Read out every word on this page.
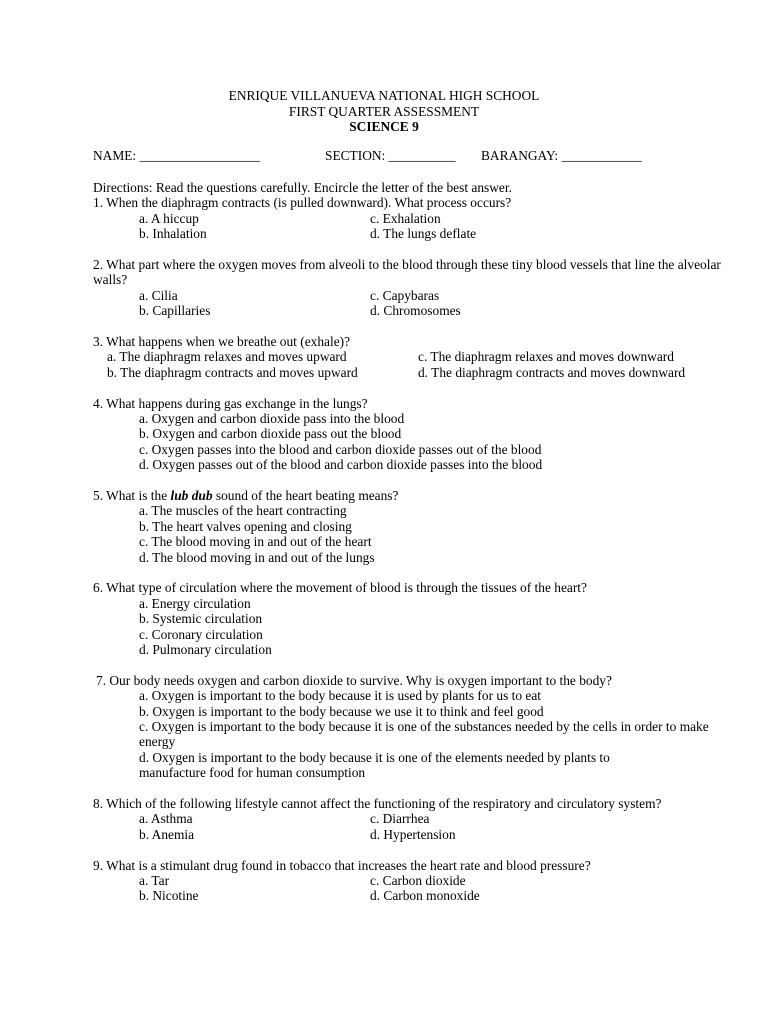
ENRIQUE VILLANUEVA NATIONAL HIGH SCHOOL
FIRST QUARTER ASSESSMENT
SCIENCE 9
NAME: __________________	SECTION: __________ BARANGAY: ____________
Directions: Read the questions carefully. Encircle the letter of the best answer.
1. When the diaphragm contracts (is pulled downward). What process occurs?
a. A hiccup	c. Exhalation
b. Inhalation	d. The lungs deflate
2. What part where the oxygen moves from alveoli to the blood through these tiny blood vessels that line the alveolar walls?
a. Cilia	c. Capybaras
b. Capillaries	d. Chromosomes
3. What happens when we breathe out (exhale)?
a. The diaphragm relaxes and moves upward	c. The diaphragm relaxes and moves downward
b. The diaphragm contracts and moves upward	d. The diaphragm contracts and moves downward
4. What happens during gas exchange in the lungs?
a. Oxygen and carbon dioxide pass into the blood
b. Oxygen and carbon dioxide pass out the blood
c. Oxygen passes into the blood and carbon dioxide passes out of the blood
d. Oxygen passes out of the blood and carbon dioxide passes into the blood
5. What is the lub dub sound of the heart beating means?
a. The muscles of the heart contracting
b. The heart valves opening and closing
c. The blood moving in and out of the heart
d. The blood moving in and out of the lungs
6. What type of circulation where the movement of blood is through the tissues of the heart?
a. Energy circulation
b. Systemic circulation
c. Coronary circulation
d. Pulmonary circulation
7. Our body needs oxygen and carbon dioxide to survive. Why is oxygen important to the body?
a. Oxygen is important to the body because it is used by plants for us to eat
b. Oxygen is important to the body because we use it to think and feel good
c. Oxygen is important to the body because it is one of the substances needed by the cells in order to make energy
d. Oxygen is important to the body because it is one of the elements needed by plants to manufacture food for human consumption
8. Which of the following lifestyle cannot affect the functioning of the respiratory and circulatory system?
a. Asthma	c. Diarrhea
b. Anemia	d. Hypertension
9. What is a stimulant drug found in tobacco that increases the heart rate and blood pressure?
a. Tar	c. Carbon dioxide
b. Nicotine	d. Carbon monoxide
